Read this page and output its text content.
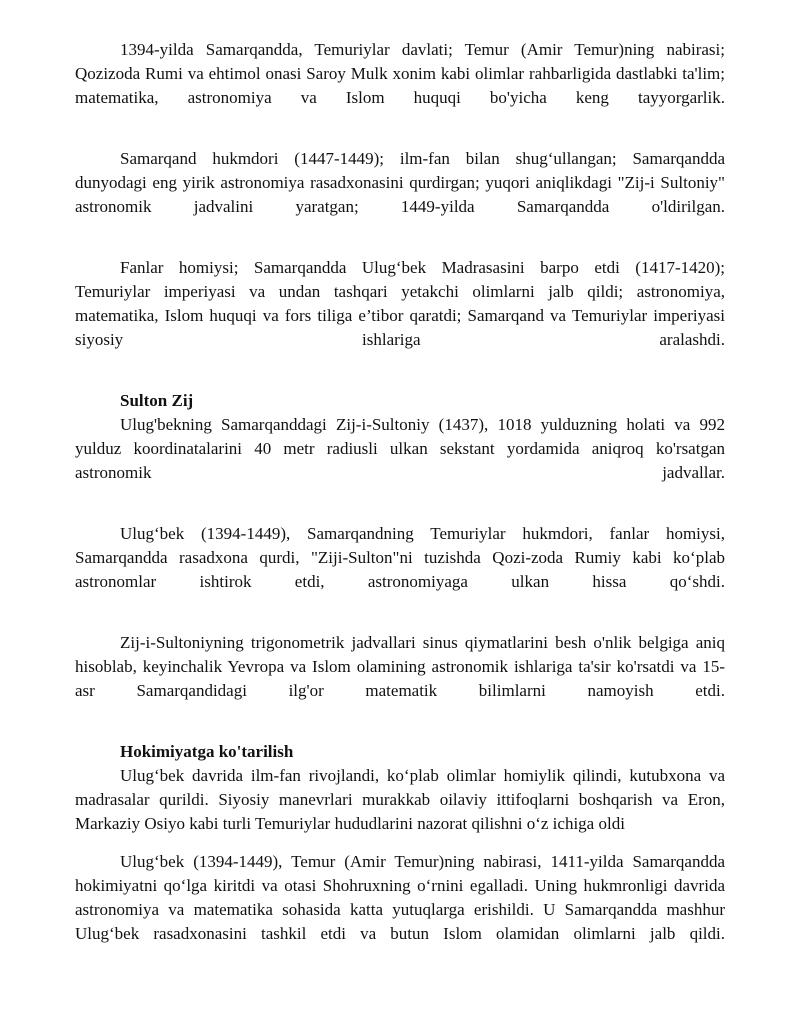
1394-yilda Samarqandda, Temuriylar davlati; Temur (Amir Temur)ning nabirasi; Qozizoda Rumi va ehtimol onasi Saroy Mulk xonim kabi olimlar rahbarligida dastlabki ta'lim; matematika, astronomiya va Islom huquqi bo'yicha keng tayyorgarlik.

Samarqand hukmdori (1447-1449); ilm-fan bilan shug‘ullangan; Samarqandda dunyodagi eng yirik astronomiya rasadxonasini qurdirgan; yuqori aniqlikdagi "Zij-i Sultoniy" astronomik jadvalini yaratgan; 1449-yilda Samarqandda o'ldirilgan.

Fanlar homiysi; Samarqandda Ulug‘bek Madrasasini barpo etdi (1417-1420); Temuriylar imperiyasi va undan tashqari yetakchi olimlarni jalb qildi; astronomiya, matematika, Islom huquqi va fors tiliga e’tibor qaratdi; Samarqand va Temuriylar imperiyasi siyosiy ishlariga aralashdi.

Sulton Zij

Ulug'bekning Samarqanddagi Zij-i-Sultoniy (1437), 1018 yulduzning holati va 992 yulduz koordinatalarini 40 metr radiusli ulkan sekstant yordamida aniqroq ko'rsatgan astronomik jadvallar.

Ulug‘bek (1394-1449), Samarqandning Temuriylar hukmdori, fanlar homiysi, Samarqandda rasadxona qurdi, "Ziji-Sulton"ni tuzishda Qozi-zoda Rumiy kabi ko‘plab astronomlar ishtirok etdi, astronomiyaga ulkan hissa qo‘shdi.

Zij-i-Sultoniyning trigonometrik jadvallari sinus qiymatlarini besh o'nlik belgiga aniq hisoblab, keyinchalik Yevropa va Islom olamining astronomik ishlariga ta'sir ko'rsatdi va 15-asr Samarqandidagi ilg'or matematik bilimlarni namoyish etdi.

Hokimiyatga ko'tarilish

Ulug‘bek davrida ilm-fan rivojlandi, ko‘plab olimlar homiylik qilindi, kutubxona va madrasalar qurildi. Siyosiy manevrlari murakkab oilaviy ittifoqlarni boshqarish va Eron, Markaziy Osiyo kabi turli Temuriylar hududlarini nazorat qilishni o‘z ichiga oldi

Ulug‘bek (1394-1449), Temur (Amir Temur)ning nabirasi, 1411-yilda Samarqandda hokimiyatni qo‘lga kiritdi va otasi Shohruxning o‘rnini egalladi. Uning hukmronligi davrida astronomiya va matematika sohasida katta yutuqlarga erishildi. U Samarqandda mashhur Ulug‘bek rasadxonasini tashkil etdi va butun Islom olamidan olimlarni jalb qildi.
